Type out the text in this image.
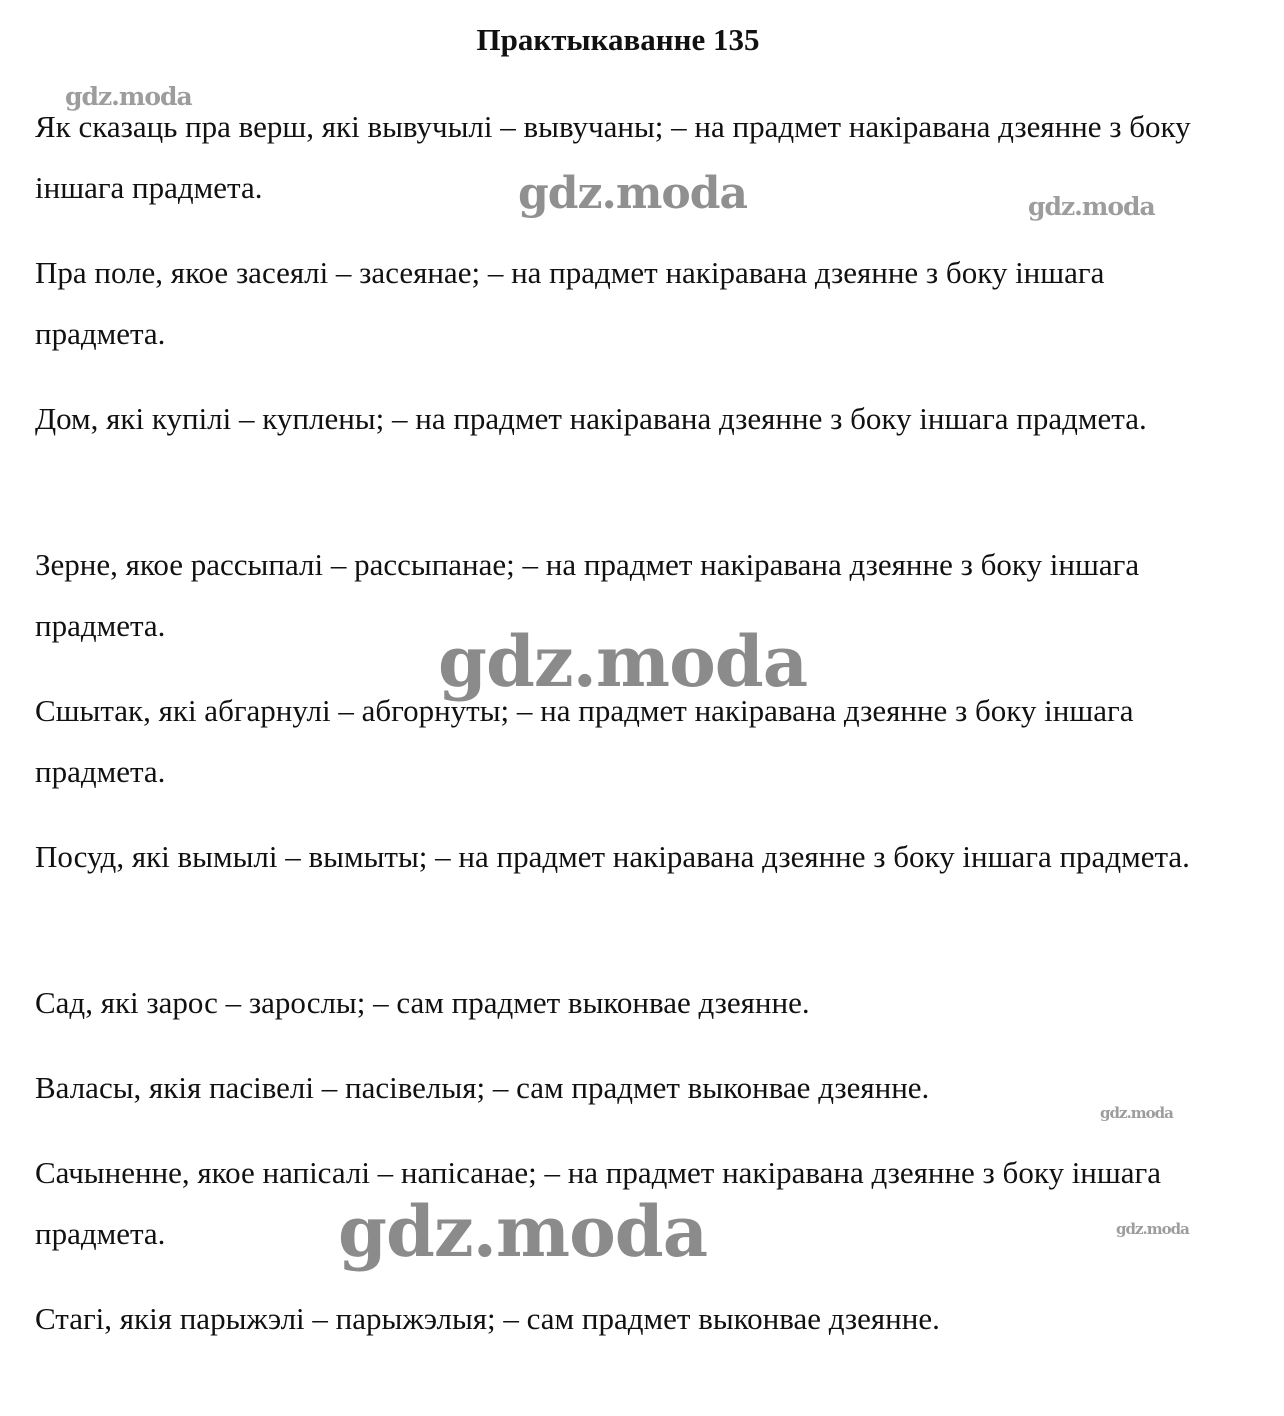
Практыкаванне 135

Як сказаць пра верш, які вывучылі – вывучаны; – на прадмет накіравана дзеянне з боку іншага прадмета.

Пра поле, якое засеялі – засеянае; – на прадмет накіравана дзеянне з боку іншага прадмета.

Дом, які купілі – куплены; – на прадмет накіравана дзеянне з боку іншага прадмета.

Зерне, якое рассыпалі – рассыпанае; – на прадмет накіравана дзеянне з боку іншага прадмета.

Сшытак, які абгарнулі – абгорнуты; – на прадмет накіравана дзеянне з боку іншага прадмета.

Посуд, які вымылі – вымыты; – на прадмет накіравана дзеянне з боку іншага прадмета.

Сад, які зарос – зарослы; – сам прадмет выконвае дзеянне.

Валасы, якія пасівелі – пасівелыя; – сам прадмет выконвае дзеянне.

Сачыненне, якое напісалі – напісанае; – на прадмет накіравана дзеянне з боку іншага прадмета.

Стагі, якія парыжэлі – парыжэлыя; – сам прадмет выконвае дзеянне.

gdz.moda
gdz.moda	gdz.moda
gdz.moda
gdz.moda
gdz.moda	gdz.moda
